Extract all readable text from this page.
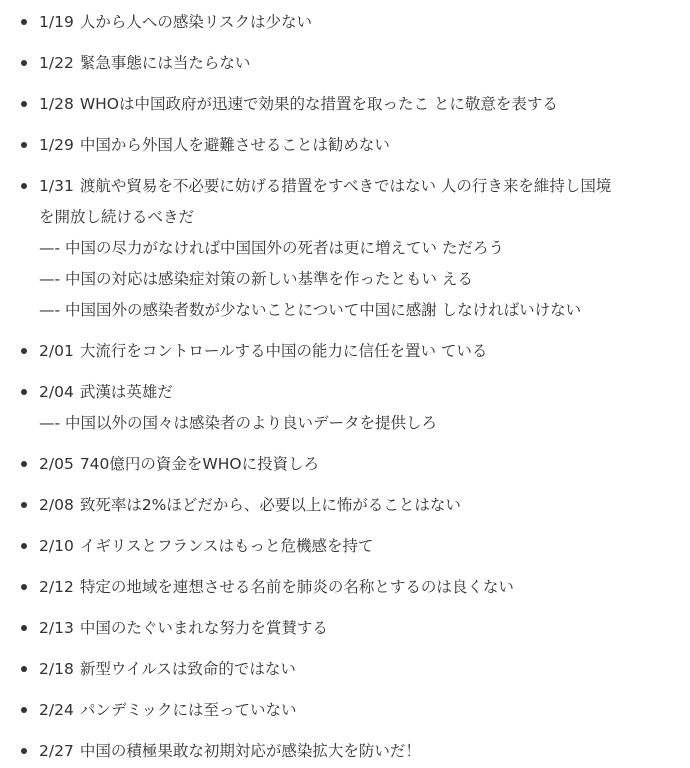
1/19 人から人への感染リスクは少ない
1/22 緊急事態には当たらない
1/28 WHOは中国政府が迅速で効果的な措置を取ったこ とに敬意を表する
1/29 中国から外国人を避難させることは勧めない
1/31 渡航や貿易を不必要に妨げる措置をすべきではない 人の行き来を維持し国境
を開放し続けるべきだ
—- 中国の尽力がなければ中国国外の死者は更に増えてい ただろう
—- 中国の対応は感染症対策の新しい基準を作ったともい える
—- 中国国外の感染者数が少ないことについて中国に感謝 しなければいけない
2/01 大流行をコントロールする中国の能力に信任を置い ている
2/04 武漢は英雄だ
—- 中国以外の国々は感染者のより良いデータを提供しろ
2/05 740億円の資金をWHOに投資しろ
2/08 致死率は2%ほどだから、必要以上に怖がることはない
2/10 イギリスとフランスはもっと危機感を持て
2/12 特定の地域を連想させる名前を肺炎の名称とするのは良くない
2/13 中国のたぐいまれな努力を賞賛する
2/18 新型ウイルスは致命的ではない
2/24 パンデミックには至っていない
2/27 中国の積極果敢な初期対応が感染拡大を防いだ！
